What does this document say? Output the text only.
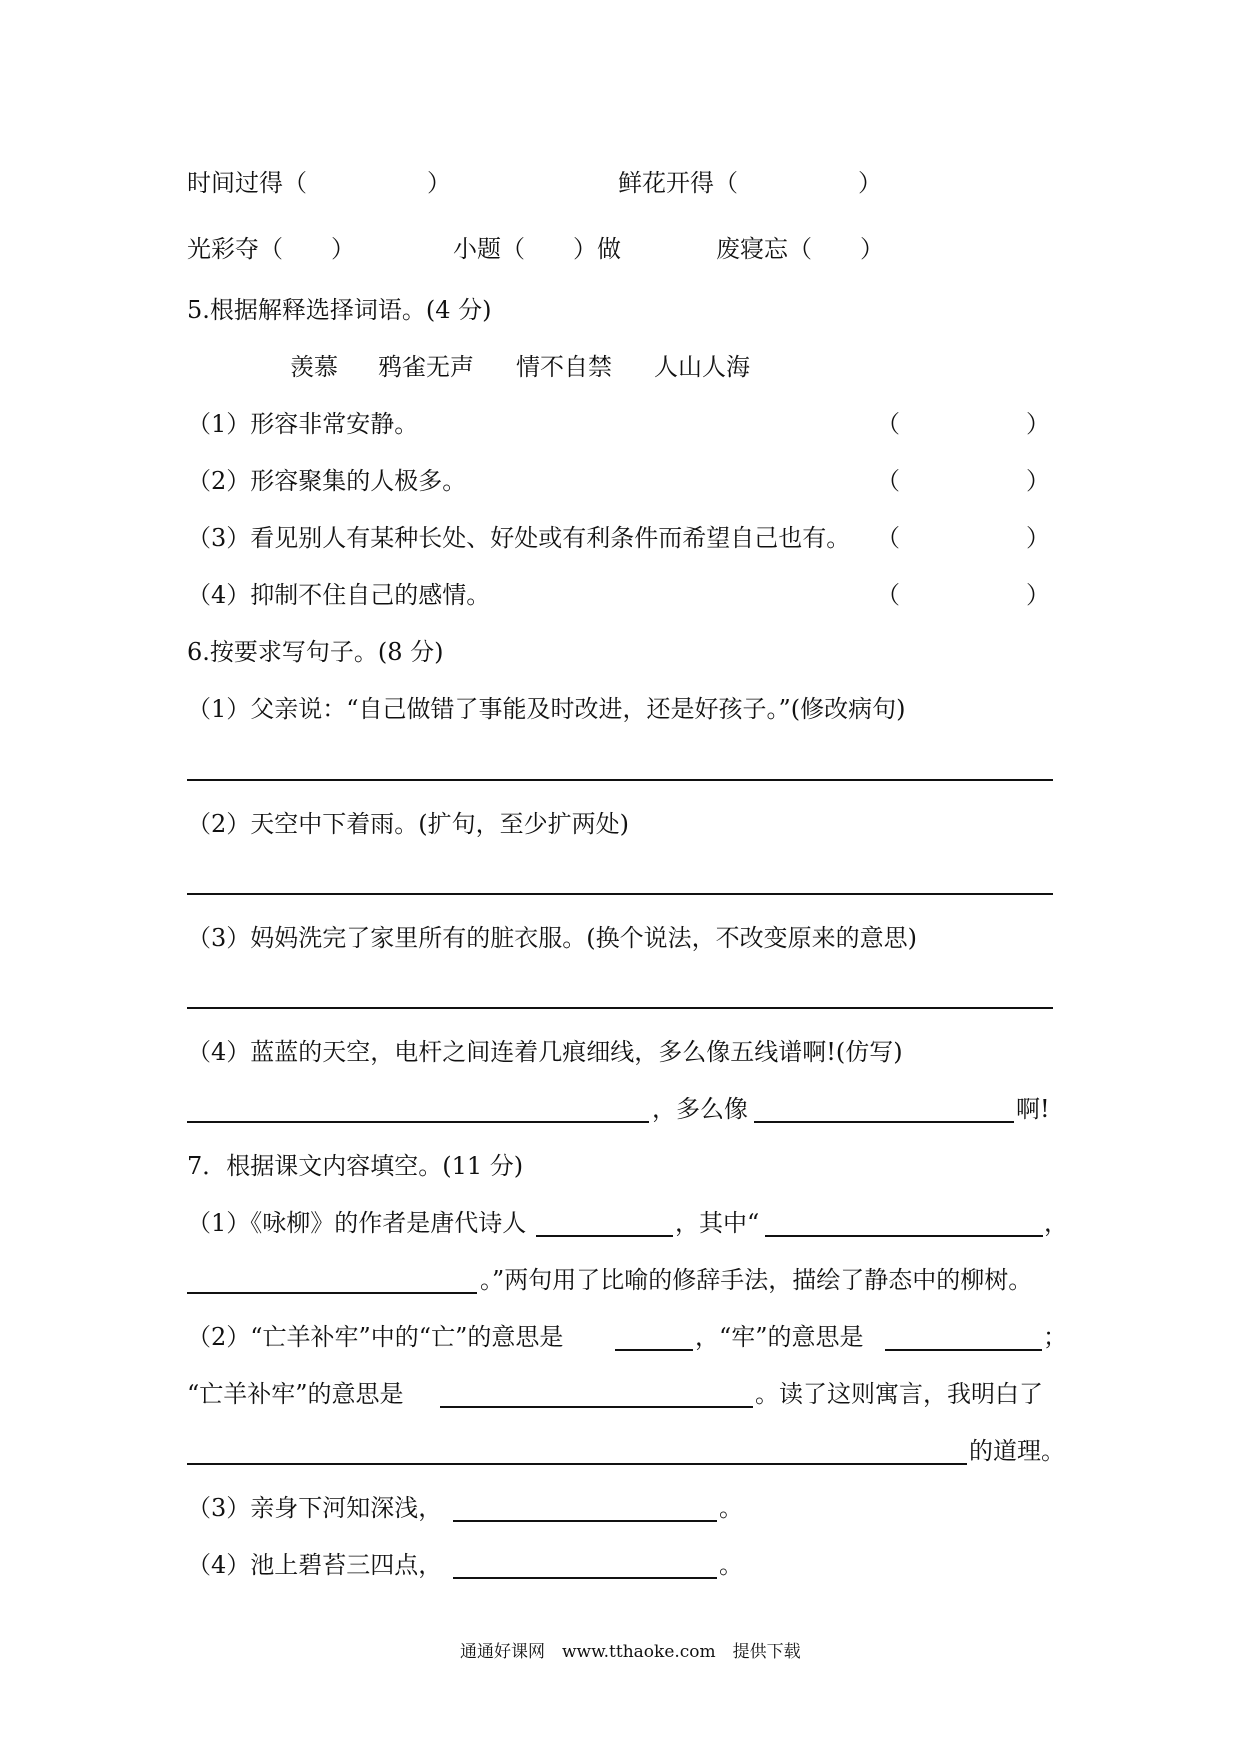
时间过得（　　　　　）	鲜花开得（　　　　　）
光彩夺（　　）	小题（　　）做	废寝忘（　　）
5.根据解释选择词语。(4 分)
羡慕 鸦雀无声 情不自禁 人山人海
（1）形容非常安静。	（	）
（2）形容聚集的人极多。	（	）
（3）看见别人有某种长处、好处或有利条件而希望自己也有。 （	）
（4）抑制不住自己的感情。	（	）
6.按要求写句子。(8 分)
（1）父亲说：“自己做错了事能及时改进，还是好孩子。”(修改病句)
（2）天空中下着雨。(扩句，至少扩两处)
（3）妈妈洗完了家里所有的脏衣服。(换个说法，不改变原来的意思)
（4）蓝蓝的天空，电杆之间连着几痕细线，多么像五线谱啊!(仿写)
，多么像	啊!
7．根据课文内容填空。(11 分)
（1）《咏柳》的作者是唐代诗人	，其中“	，
。”两句用了比喻的修辞手法，描绘了静态中的柳树。
（2）“亡羊补牢”中的“亡”的意思是	，“牢”的意思是	；
“亡羊补牢”的意思是	。读了这则寓言，我明白了
的道理。
（3）亲身下河知深浅，	。
（4）池上碧苔三四点，	。
通通好课网　www.tthaoke.com　提供下载
